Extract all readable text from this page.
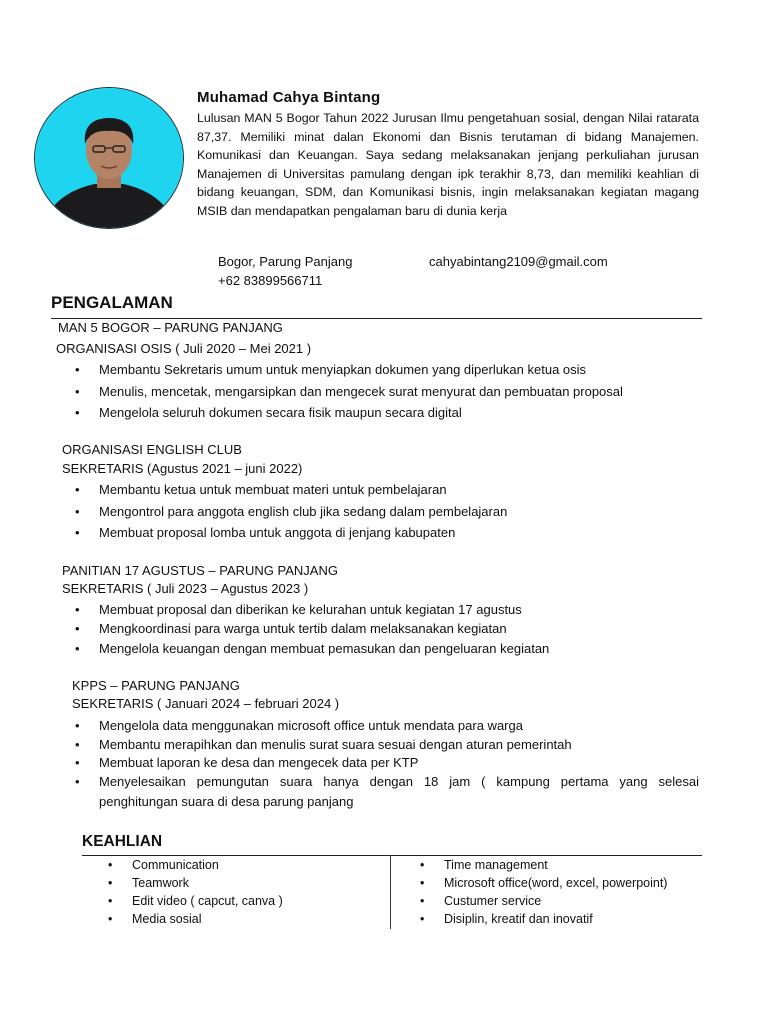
Muhamad Cahya Bintang

Lulusan MAN 5 Bogor Tahun 2022 Jurusan Ilmu pengetahuan sosial, dengan Nilai ratarata 87,37. Memiliki minat dalan Ekonomi dan Bisnis terutaman di bidang Manajemen. Komunikasi dan Keuangan. Saya sedang melaksanakan jenjang perkuliahan jurusan Manajemen di Universitas pamulang dengan ipk terakhir 8,73, dan memiliki keahlian di bidang keuangan, SDM, dan Komunikasi bisnis, ingin melaksanakan kegiatan magang MSIB dan mendapatkan pengalaman baru di dunia kerja

Bogor, Parung Panjang	cahyabintang2109@gmail.com
+62 83899566711
PENGALAMAN
MAN 5 BOGOR – PARUNG PANJANG
ORGANISASI OSIS ( Juli 2020 – Mei 2021 )
• Membantu Sekretaris umum untuk menyiapkan dokumen yang diperlukan ketua osis
• Menulis, mencetak, mengarsipkan dan mengecek surat menyurat dan pembuatan proposal
• Mengelola seluruh dokumen secara fisik maupun secara digital
ORGANISASI ENGLISH CLUB
SEKRETARIS (Agustus 2021 – juni 2022)
• Membantu ketua untuk membuat materi untuk pembelajaran
• Mengontrol para anggota english club jika sedang dalam pembelajaran
• Membuat proposal lomba untuk anggota di jenjang kabupaten
PANITIAN 17 AGUSTUS – PARUNG PANJANG
SEKRETARIS ( Juli 2023 – Agustus 2023 )
• Membuat proposal dan diberikan ke kelurahan untuk kegiatan 17 agustus
• Mengkoordinasi para warga untuk tertib dalam melaksanakan kegiatan
• Mengelola keuangan dengan membuat pemasukan dan pengeluaran kegiatan
KPPS – PARUNG PANJANG
SEKRETARIS ( Januari 2024 – februari 2024 )
• Mengelola data menggunakan microsoft office untuk mendata para warga
• Membantu merapihkan dan menulis surat suara sesuai dengan aturan pemerintah
• Membuat laporan ke desa dan mengecek data per KTP
• Menyelesaikan pemungutan suara hanya dengan 18 jam ( kampung pertama yang selesai penghitungan suara di desa parung panjang
KEAHLIAN
• Communication
• Teamwork
• Edit video ( capcut, canva )
• Media sosial
• Time management
• Microsoft office(word, excel, powerpoint)
• Custumer service
• Disiplin, kreatif dan inovatif
